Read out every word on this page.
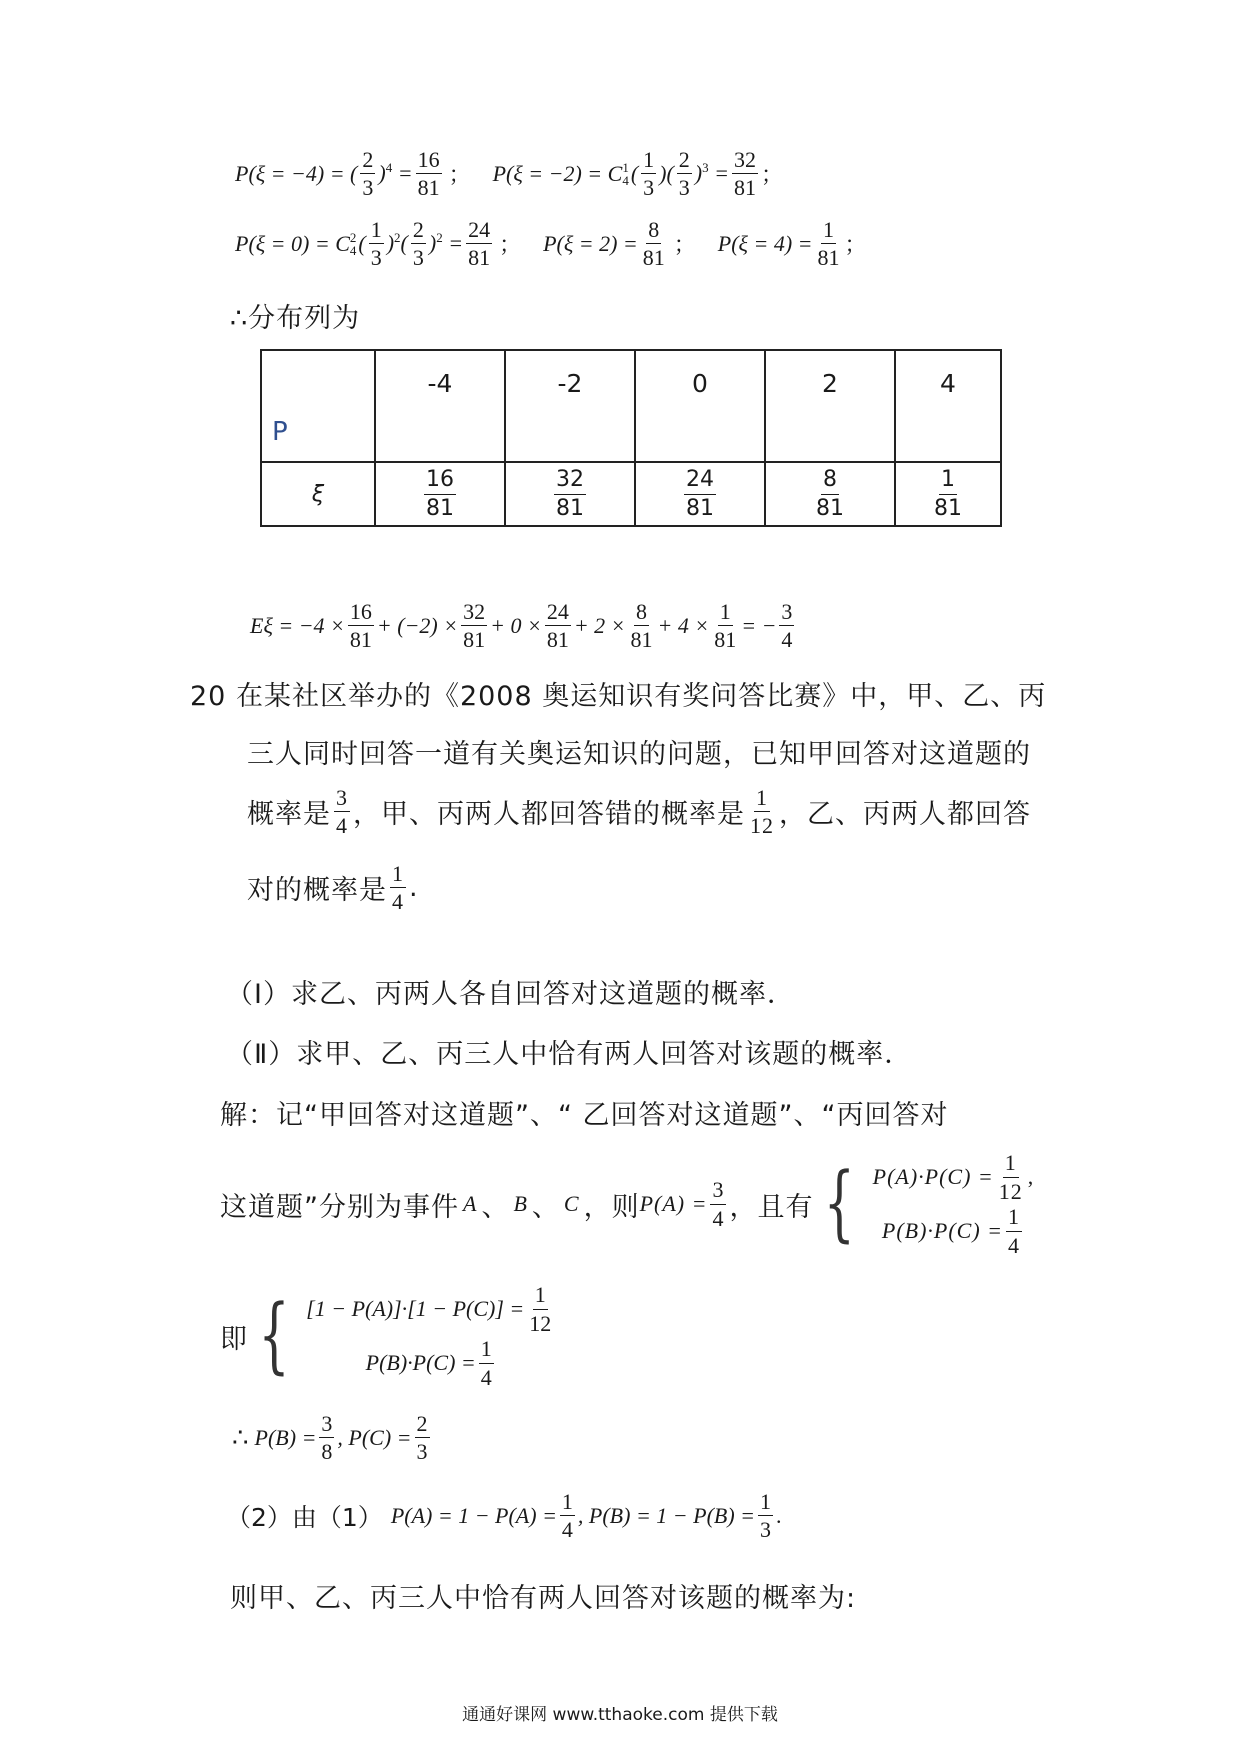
P(ξ = −4) = ( $\frac{2}{3} )^4 = \frac{16}{81}$ ； P(ξ = −2) = C 1
4 ( $\frac{1}{3}$ )( $\frac{2}{3} )^3 = \frac{32}{81}$ ；
P(ξ = 0) = C 2
4 ( $\frac{1}{3} )^2( \frac{2}{3} )^2 = \frac{24}{81}$ ； $P(\xi = 2) = \frac{8}{81}$ ； $P(\xi = 4) = \frac{1}{81}$ ；
∴分布列为
P	-4	-2	0	2	4
ξ	$\frac{16}{81}$	$\frac{32}{81}$	$\frac{24}{81}$	$\frac{8}{81}$	$\frac{1}{81}$
$E\xi = -4 \times \frac{16}{81} + (-2) \times \frac{32}{81} + 0 \times \frac{24}{81} + 2 \times \frac{8}{81} + 4 \times \frac{1}{81}$ = − $\frac{3}{4}$
20 在某社区举办的《2008 奥运知识有奖问答比赛》中，甲、乙、丙
三人同时回答一道有关奥运知识的问题，已知甲回答对这道题的
概率是 $\frac{3}{4}$ ，甲、丙两人都回答错的概率是 $\frac{1}{12}$ ，乙、丙两人都回答
对的概率是 $\frac{1}{4}$ .
（Ⅰ）求乙、丙两人各自回答对这道题的概率．
（Ⅱ）求甲、乙、丙三人中恰有两人回答对该题的概率．
解：记“甲回答对这道题”、“ 乙回答对这道题”、“丙回答对
这道题”分别为事件 A 、 B 、 C ，则 $P(A) = \frac{3}{4}$ ，且有 { $P(A)\cdot P(C) = \frac{1}{12}$ ,
$P(B)\cdot P(C) = \frac{1}{4}$
即 { $[1 - P(A)]\cdot[1 - P(C)] = \frac{1}{12}$
$P(B)\cdot P(C) = \frac{1}{4}$
∴ $P(B) = \frac{3}{8}$ , $P(C) = \frac{2}{3}$
（2）由（1） $P(A) = 1 - P(A) = \frac{1}{4}$ , $P(B) = 1 - P(B) = \frac{1}{3}$ .
则甲、乙、丙三人中恰有两人回答对该题的概率为:
通通好课网 www.tthaoke.com 提供下载
